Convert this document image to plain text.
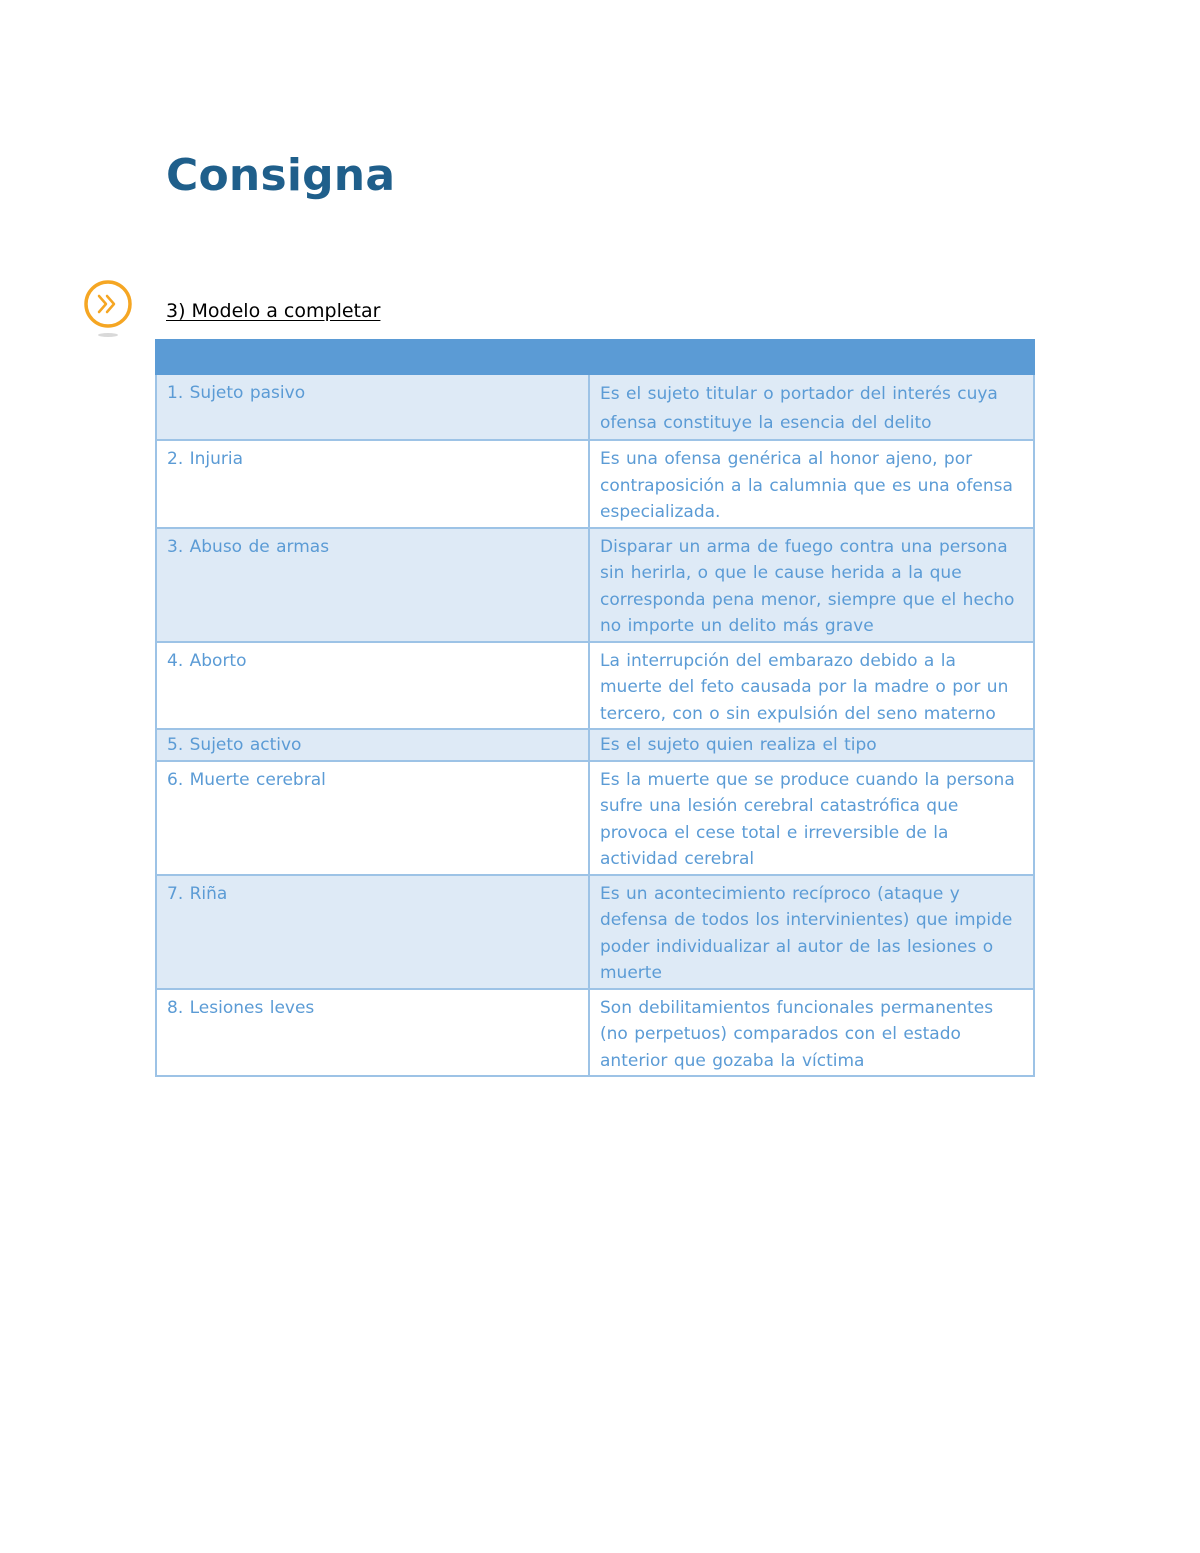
Consigna
3) Modelo a completar

1. Sujeto pasivo	Es el sujeto titular o portador del interés cuya ofensa constituye la esencia del delito
2. Injuria	Es una ofensa genérica al honor ajeno, por contraposición a la calumnia que es una ofensa especializada.
3. Abuso de armas	Disparar un arma de fuego contra una persona sin herirla, o que le cause herida a la que corresponda pena menor, siempre que el hecho no importe un delito más grave
4. Aborto	La interrupción del embarazo debido a la muerte del feto causada por la madre o por un tercero, con o sin expulsión del seno materno
5. Sujeto activo	Es el sujeto quien realiza el tipo
6. Muerte cerebral	Es la muerte que se produce cuando la persona sufre una lesión cerebral catastrófica que provoca el cese total e irreversible de la actividad cerebral
7. Riña	Es un acontecimiento recíproco (ataque y defensa de todos los intervinientes) que impide poder individualizar al autor de las lesiones o muerte
8. Lesiones leves	Son debilitamientos funcionales permanentes (no perpetuos) comparados con el estado anterior que gozaba la víctima
